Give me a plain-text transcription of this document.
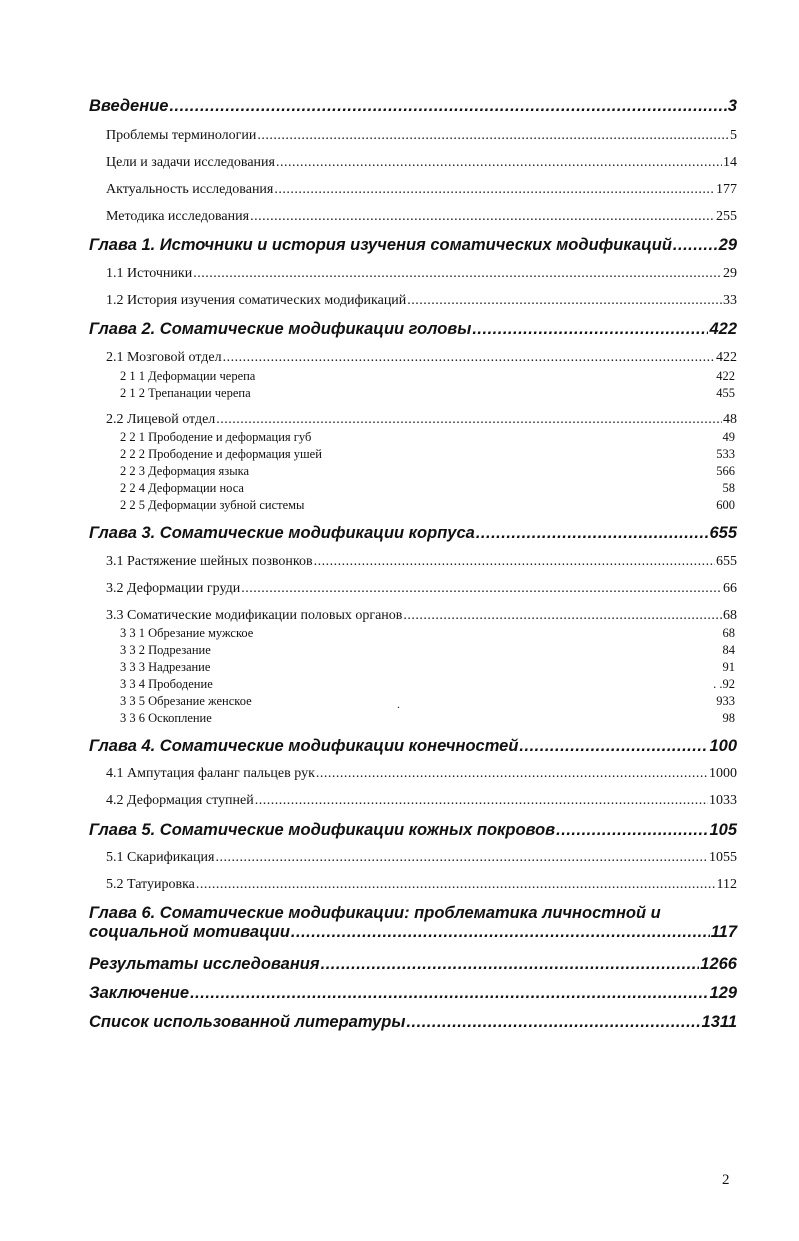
Введение .....	3
Проблемы терминологии .....	5
Цели и задачи исследования .....	14
Актуальность исследования .....	177
Методика исследования .....	255
Глава 1. Источники и история изучения соматических модификаций .....	29
1.1 Источники .....	29
1.2 История изучения соматических модификаций .....	33
Глава 2. Соматические модификации головы .....	422
2.1 Мозговой отдел .....	422
2 1 1 Деформации черепа	422
2 1 2 Трепанации черепа	455
2.2 Лицевой отдел .....	48
2 2 1 Прободение и деформация губ	49
2 2 2 Прободение и деформация ушей	533
2 2 3 Деформация языка	566
2 2 4 Деформации носа	58
2 2 5 Деформации зубной системы	600
Глава 3. Соматические модификации корпуса .....	655
3.1 Растяжение шейных позвонков .....	655
3.2 Деформации груди .....	66
3.3 Соматические модификации половых органов .....	68
3 3 1 Обрезание мужское	68
3 3 2 Подрезание	84
3 3 3 Надрезание	91
3 3 4 Прободение	. .92
3 3 5 Обрезание женское	933
3 3 6 Оскопление	98
Глава 4. Соматические модификации конечностей .....	100
4.1 Ампутация фаланг пальцев рук .....	1000
4.2 Деформация ступней .....	1033
Глава 5. Соматические модификации кожных покровов .....	105
5.1 Скарификация .....	1055
5.2 Татуировка .....	112
Глава 6. Соматические модификации: проблематика личностной и
социальной мотивации .....	117
Результаты исследования .....	1266
Заключение .....	129
Список использованной литературы .....	1311
.
2
